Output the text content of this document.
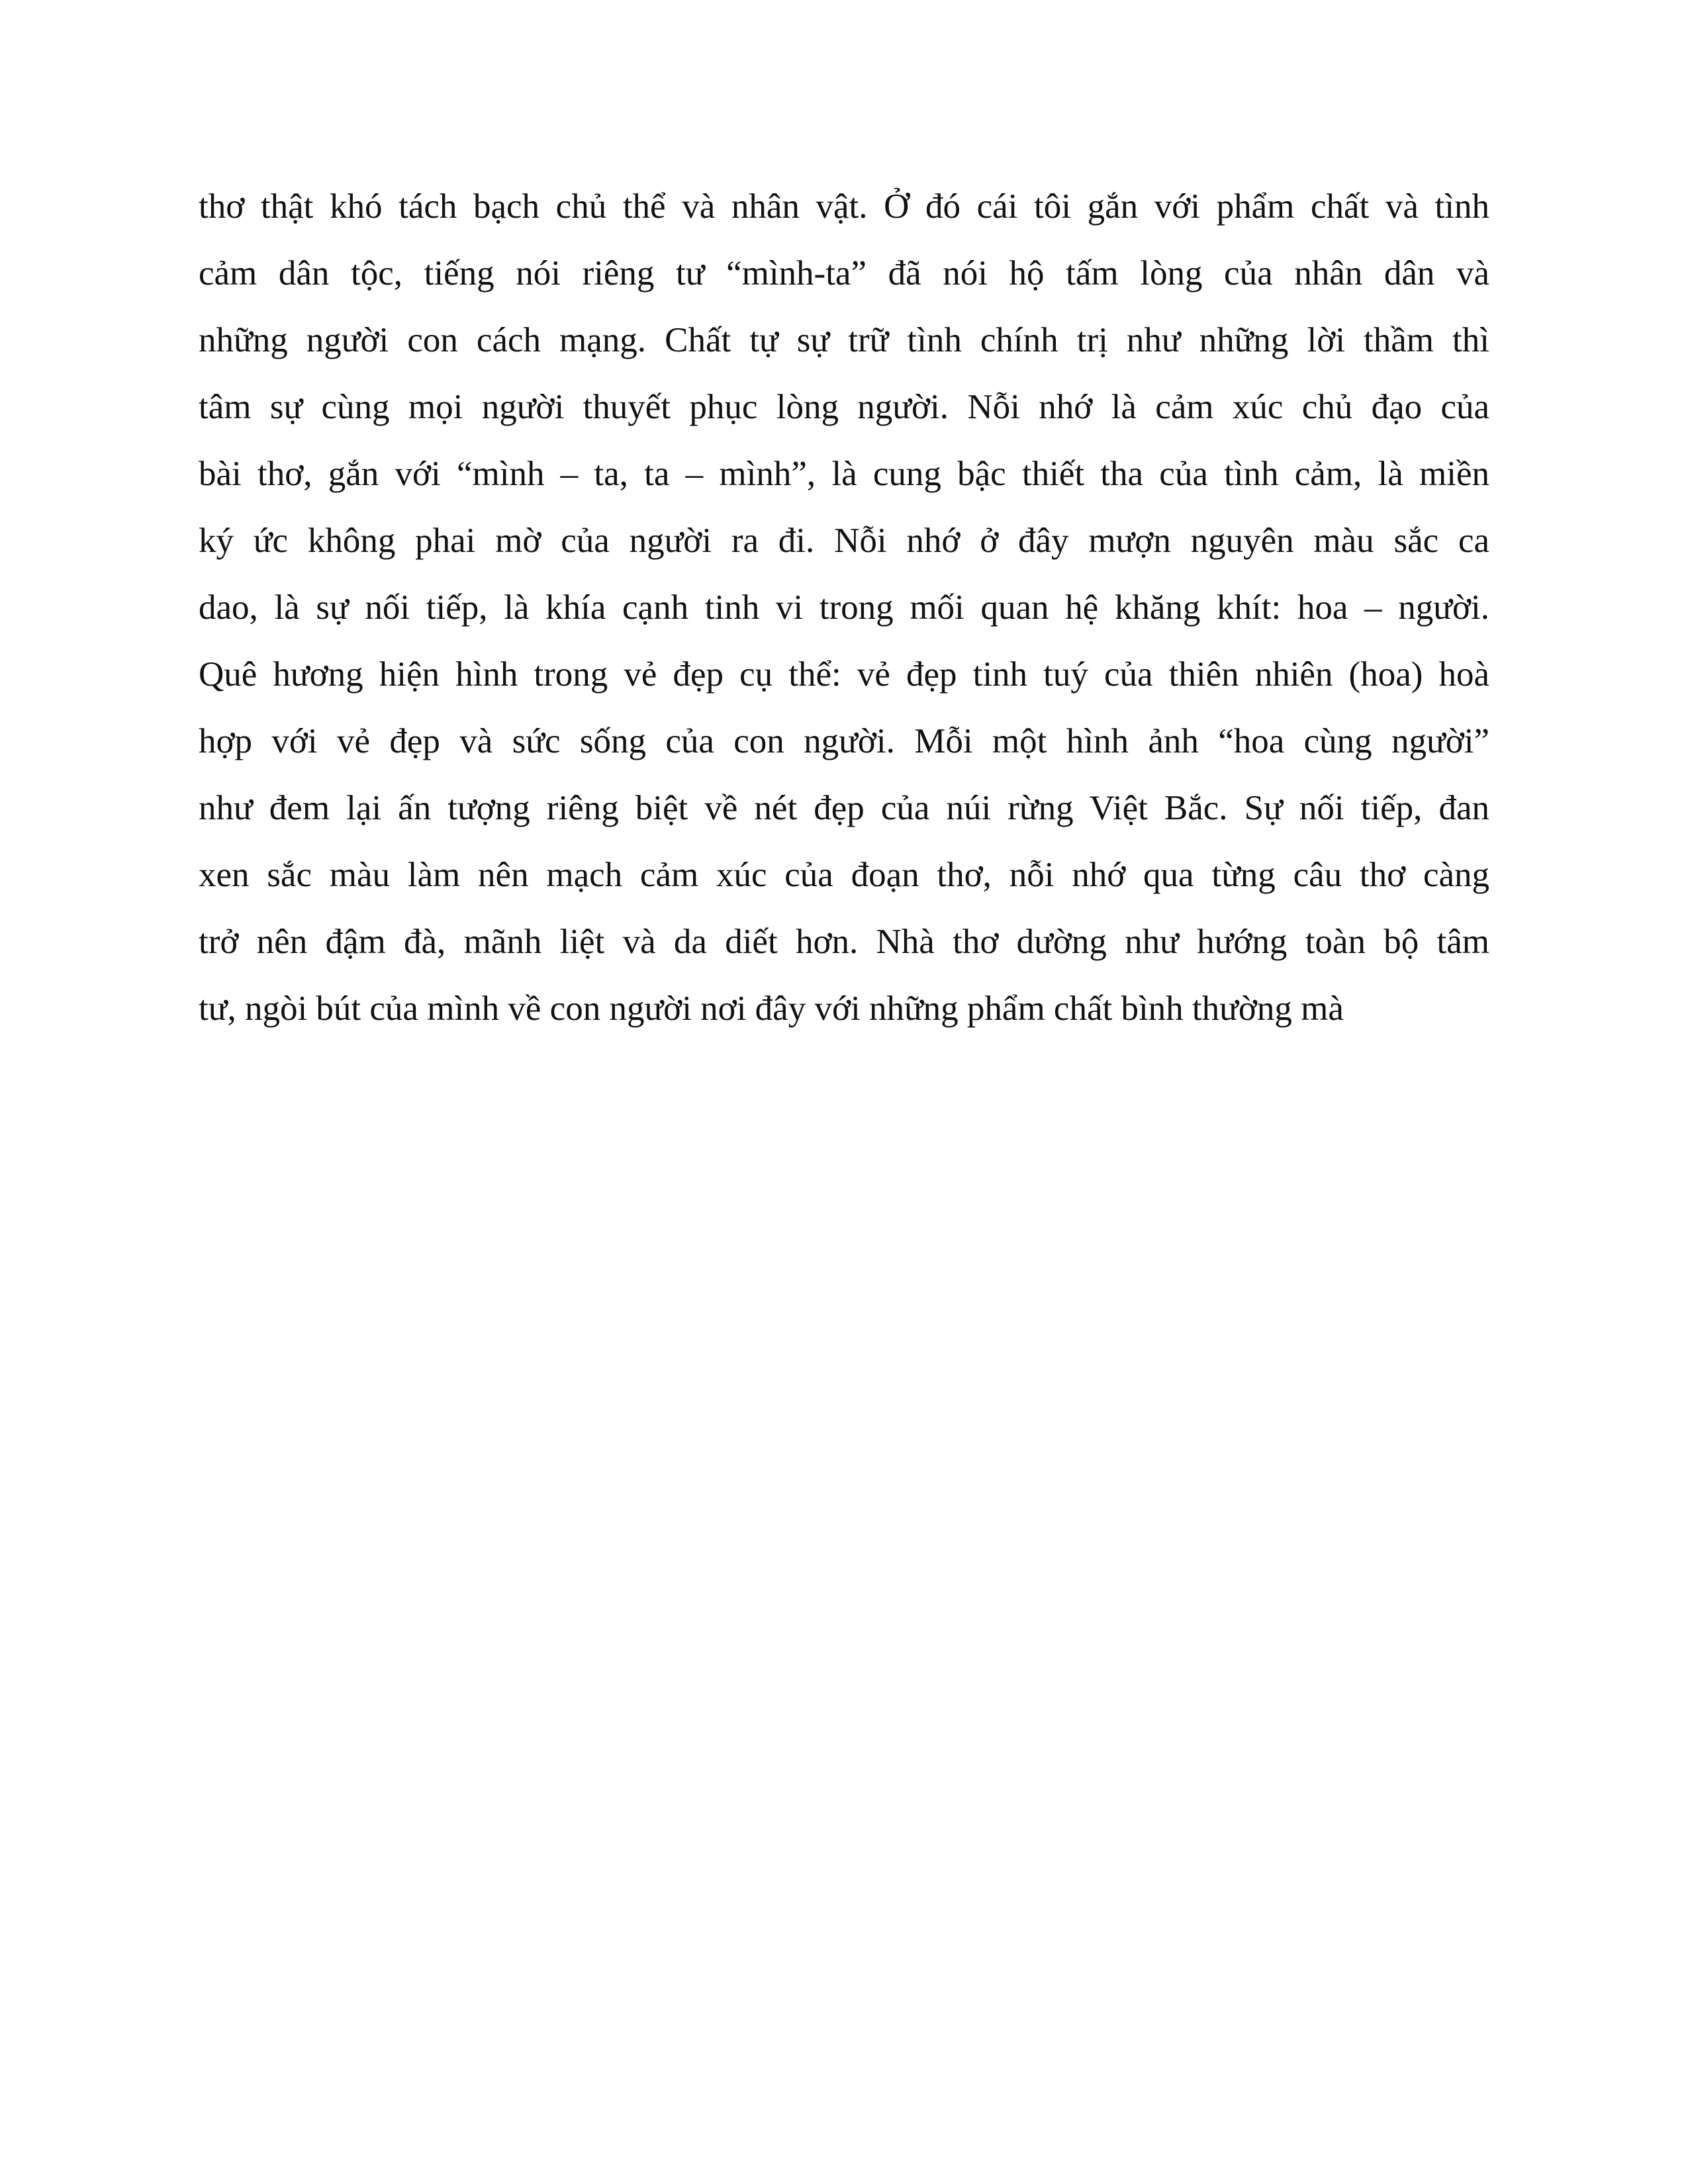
thơ thật khó tách bạch chủ thể và nhân vật. Ở đó cái tôi gắn với phẩm chất và tình
cảm dân tộc, tiếng nói riêng tư “mình-ta” đã nói hộ tấm lòng của nhân dân và
những người con cách mạng. Chất tự sự trữ tình chính trị như những lời thầm thì
tâm sự cùng mọi người thuyết phục lòng người. Nỗi nhớ là cảm xúc chủ đạo của
bài thơ, gắn với “mình – ta, ta – mình”, là cung bậc thiết tha của tình cảm, là miền
ký ức không phai mờ của người ra đi. Nỗi nhớ ở đây mượn nguyên màu sắc ca
dao, là sự nối tiếp, là khía cạnh tinh vi trong mối quan hệ khăng khít: hoa – người.
Quê hương hiện hình trong vẻ đẹp cụ thể: vẻ đẹp tinh tuý của thiên nhiên (hoa) hoà
hợp với vẻ đẹp và sức sống của con người. Mỗi một hình ảnh “hoa cùng người”
như đem lại ấn tượng riêng biệt về nét đẹp của núi rừng Việt Bắc. Sự nối tiếp, đan
xen sắc màu làm nên mạch cảm xúc của đoạn thơ, nỗi nhớ qua từng câu thơ càng
trở nên đậm đà, mãnh liệt và da diết hơn. Nhà thơ dường như hướng toàn bộ tâm
tư, ngòi bút của mình về con người nơi đây với những phẩm chất bình thường mà
